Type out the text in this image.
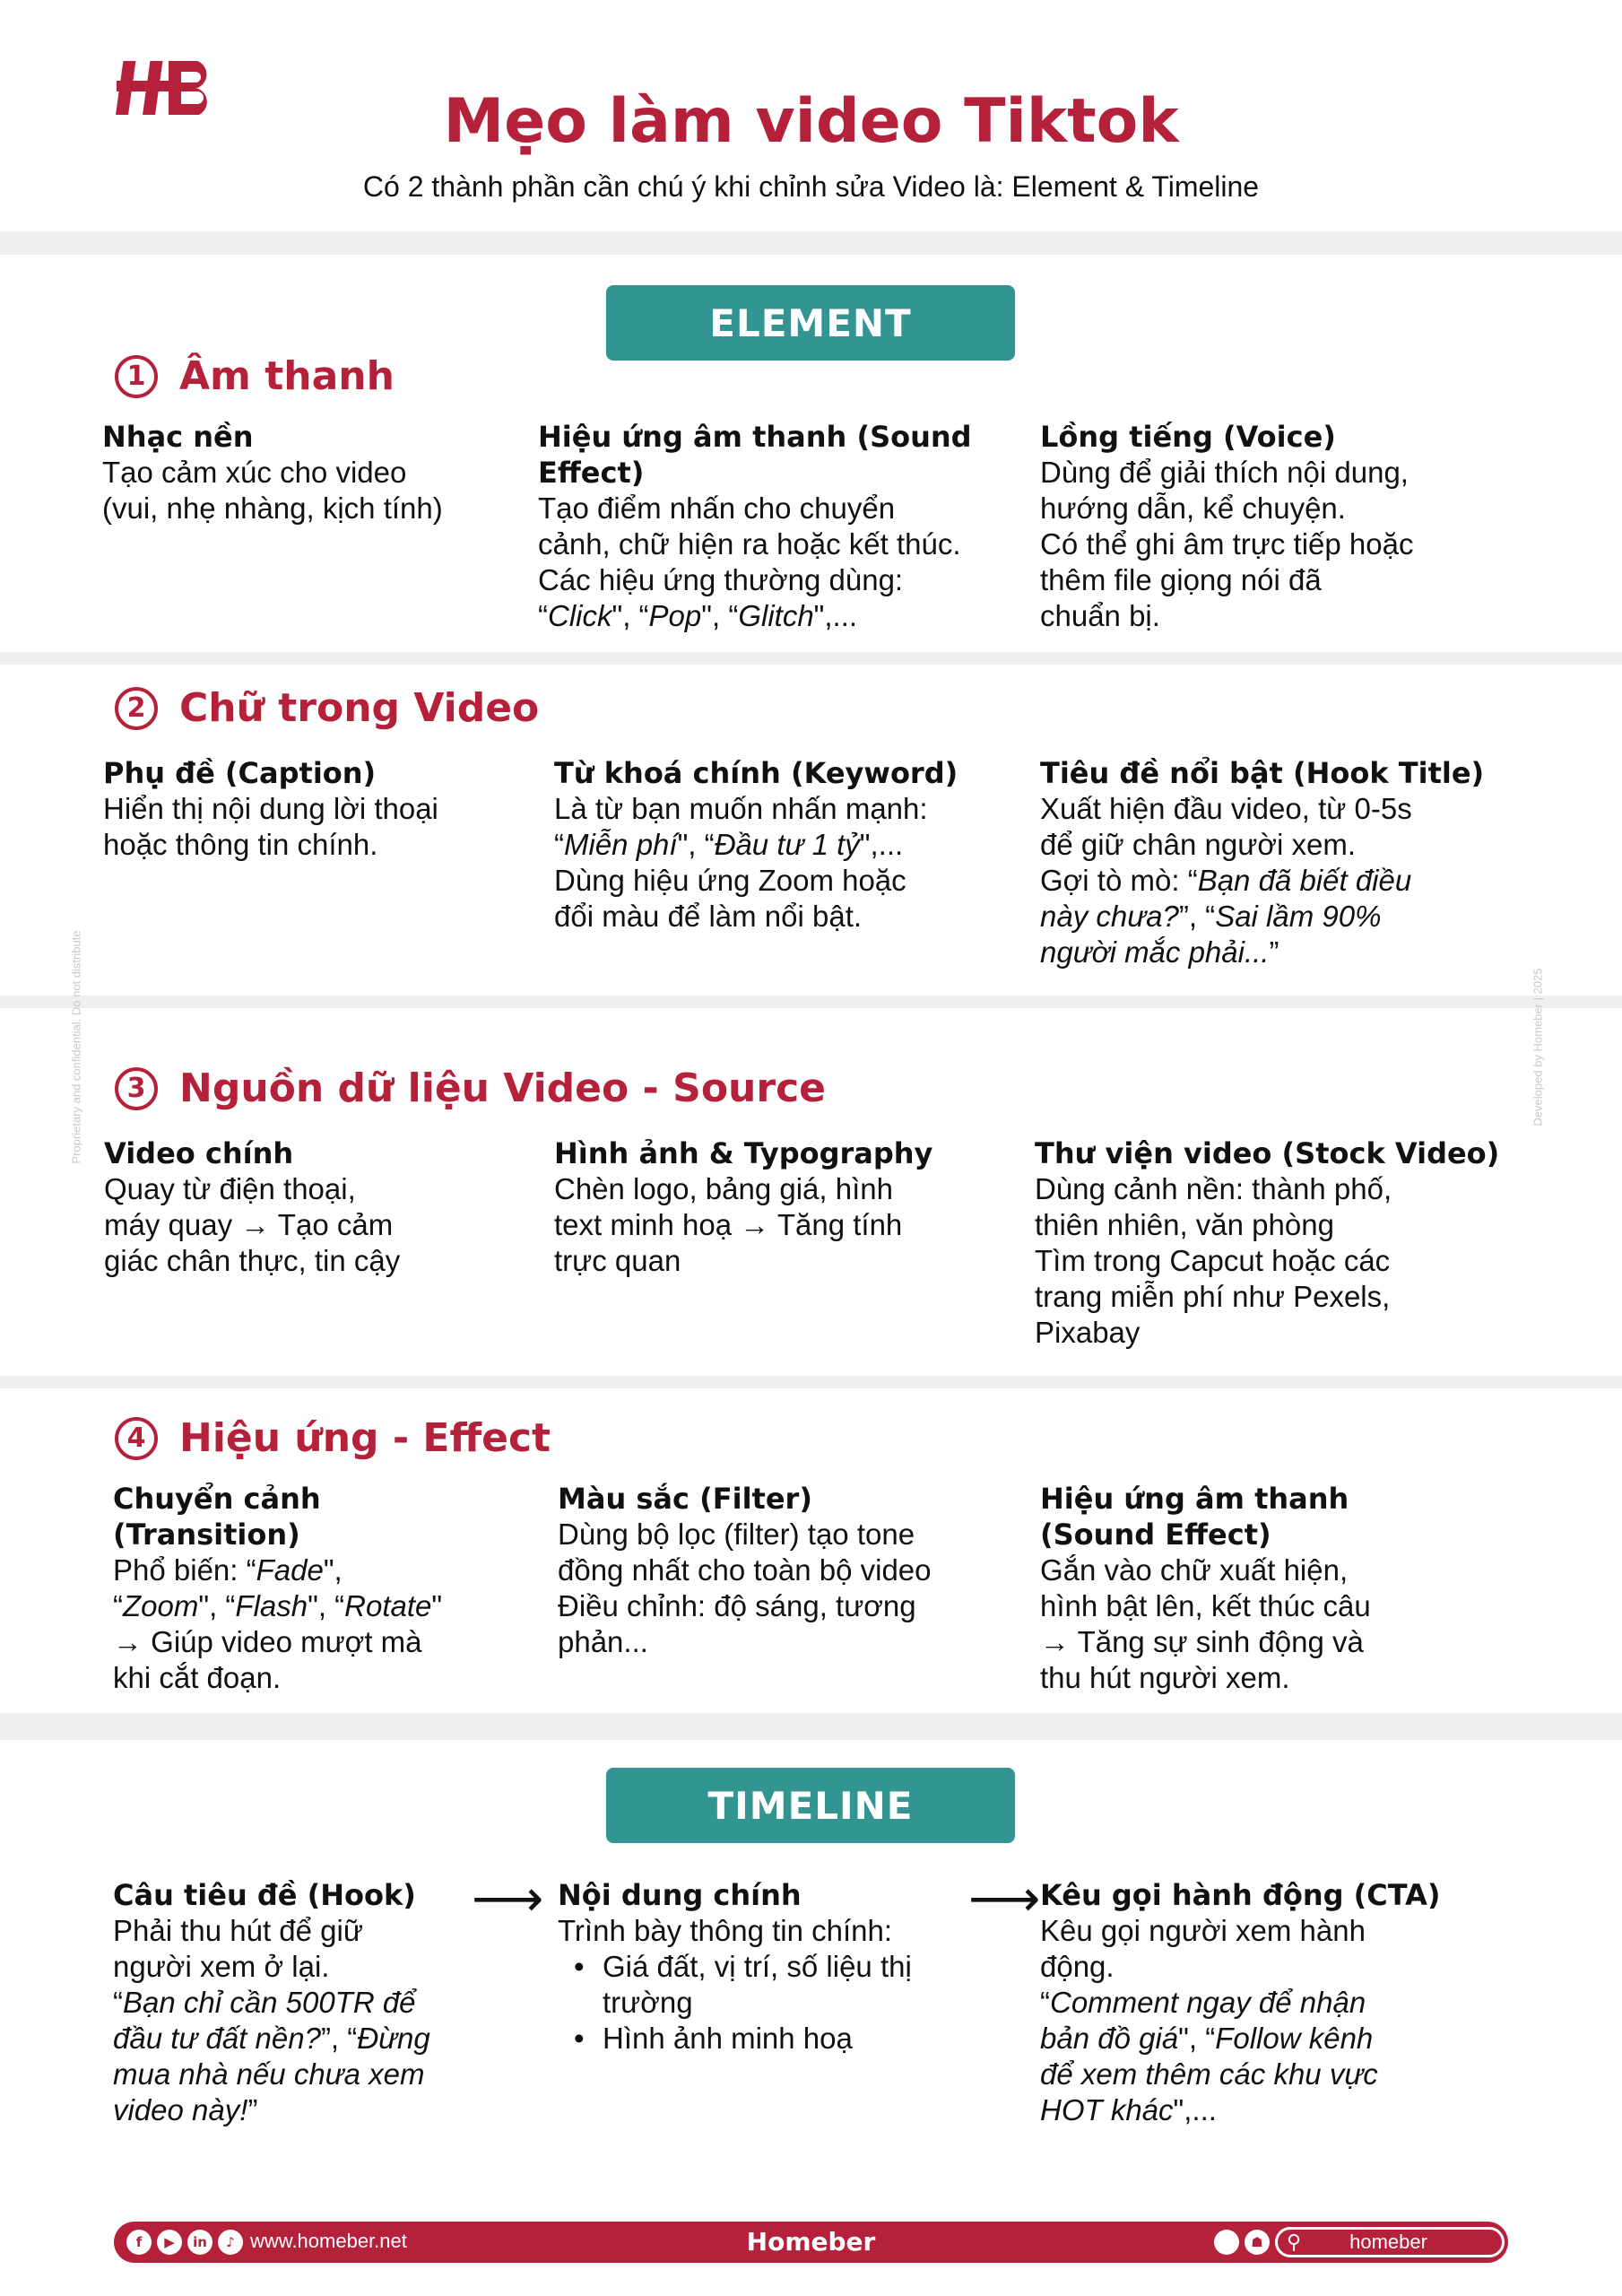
Mẹo làm video Tiktok
Có 2 thành phần cần chú ý khi chỉnh sửa Video là: Element & Timeline
ELEMENT
1 Âm thanh
Nhạc nền
Tạo cảm xúc cho video
(vui, nhẹ nhàng, kịch tính)
Hiệu ứng âm thanh (Sound
Effect)
Tạo điểm nhấn cho chuyển
cảnh, chữ hiện ra hoặc kết thúc.
Các hiệu ứng thường dùng:
“Click", “Pop", “Glitch",...
Lồng tiếng (Voice)
Dùng để giải thích nội dung,
hướng dẫn, kể chuyện.
Có thể ghi âm trực tiếp hoặc
thêm file giọng nói đã
chuẩn bị.
2 Chữ trong Video
Phụ đề (Caption)
Hiển thị nội dung lời thoại
hoặc thông tin chính.
Từ khoá chính (Keyword)
Là từ bạn muốn nhấn mạnh:
“Miễn phí", “Đầu tư 1 tỷ",...
Dùng hiệu ứng Zoom hoặc
đổi màu để làm nổi bật.
Tiêu đề nổi bật (Hook Title)
Xuất hiện đầu video, từ 0-5s
để giữ chân người xem.
Gợi tò mò: “Bạn đã biết điều
này chưa?”, “Sai lầm 90%
người mắc phải...”
3 Nguồn dữ liệu Video - Source
Video chính
Quay từ điện thoại,
máy quay → Tạo cảm
giác chân thực, tin cậy
Hình ảnh & Typography
Chèn logo, bảng giá, hình
text minh hoạ → Tăng tính
trực quan
Thư viện video (Stock Video)
Dùng cảnh nền: thành phố,
thiên nhiên, văn phòng
Tìm trong Capcut hoặc các
trang miễn phí như Pexels,
Pixabay
4 Hiệu ứng - Effect
Chuyển cảnh
(Transition)
Phổ biến: “Fade",
“Zoom", “Flash", “Rotate"
→ Giúp video mượt mà
khi cắt đoạn.
Màu sắc (Filter)
Dùng bộ lọc (filter) tạo tone
đồng nhất cho toàn bộ video
Điều chỉnh: độ sáng, tương
phản...
Hiệu ứng âm thanh
(Sound Effect)
Gắn vào chữ xuất hiện,
hình bật lên, kết thúc câu
→ Tăng sự sinh động và
thu hút người xem.
TIMELINE
Câu tiêu đề (Hook)
Phải thu hút để giữ
người xem ở lại.
“Bạn chỉ cần 500TR để
đầu tư đất nền?”, “Đừng
mua nhà nếu chưa xem
video này!”
⟶ Nội dung chính
Trình bày thông tin chính:
• Giá đất, vị trí, số liệu thị trường
• Hình ảnh minh hoạ
⟶ Kêu gọi hành động (CTA)
Kêu gọi người xem hành
động.
“Comment ngay để nhận
bản đồ giá", “Follow kênh
để xem thêm các khu vực
HOT khác",...
Proprietary and confidential. Do not distribute	Developed by Homeber | 2025
f	▶	in	♪ www.homeber.net	Homeber	☗	⚲ homeber
